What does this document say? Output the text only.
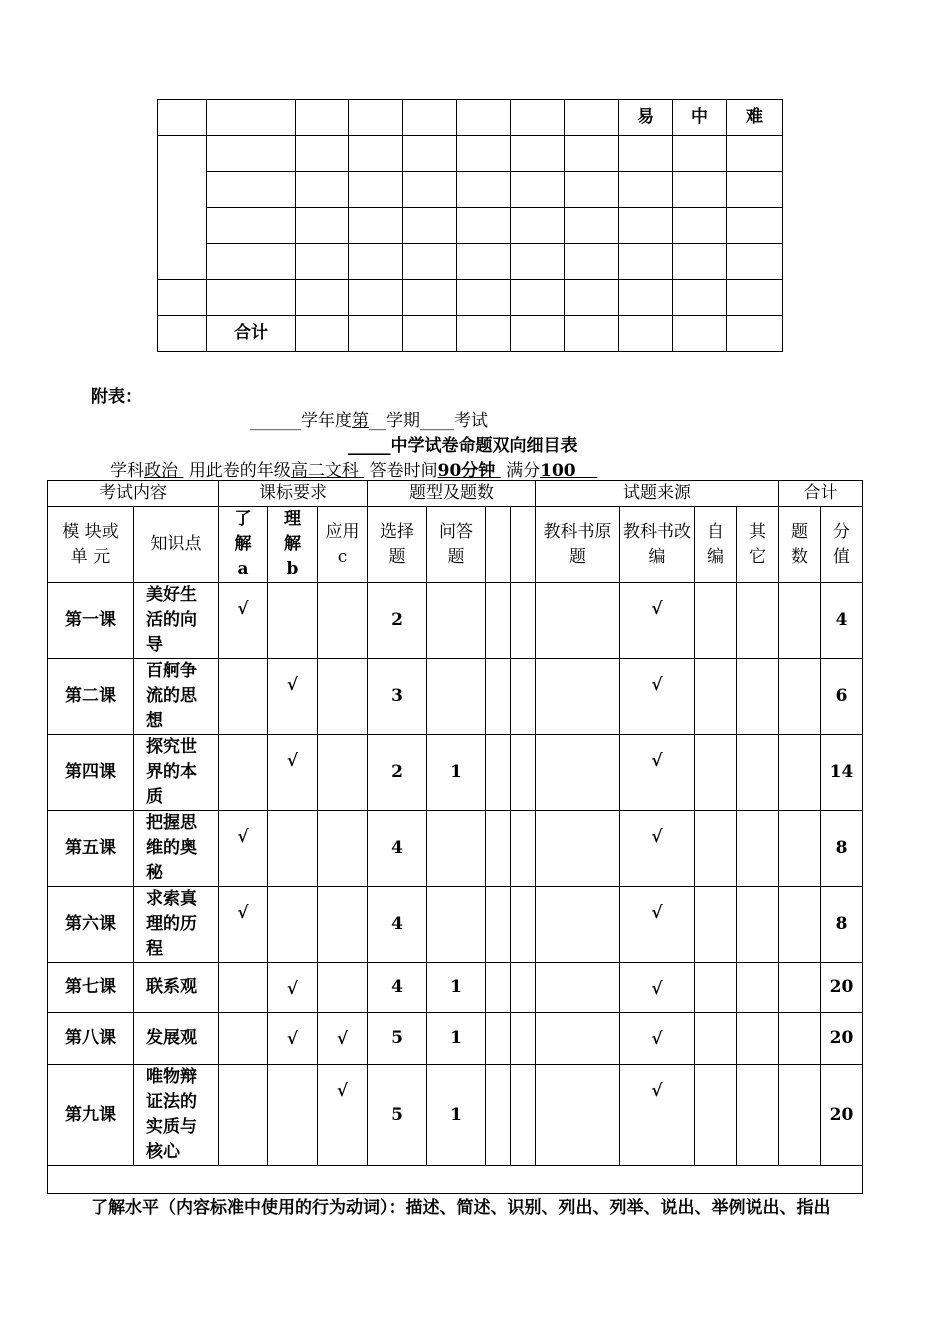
								易	中	难

	合计									
附表：
______学年度第__学期____考试
_____中学试卷命题双向细目表
学科政治 用此卷的年级高二文科 答卷时间90分钟 满分100
考试内容		课标要求			题型及题数				试题来源				合计	
模 块或单 元	知识点	了解a	理解b	应用c	选择题	问答题			教科书原题	教科书改编	自编	其它	题数	分值
第一课	美好生活的向导	√			2					√				4
第二课	百舸争流的思想		√		3					√				6
第四课	探究世界的本质		√		2	1				√				14
第五课	把握思维的奥秘	√			4					√				8
第六课	求索真理的历程	√			4					√				8
第七课	联系观		√		4	1				√				20
第八课	发展观		√	√	5	1				√				20
第九课	唯物辩证法的实质与核心			√	5	1				√				20

了解水平（内容标准中使用的行为动词）：描述、简述、识别、列出、列举、说出、举例说出、指出
